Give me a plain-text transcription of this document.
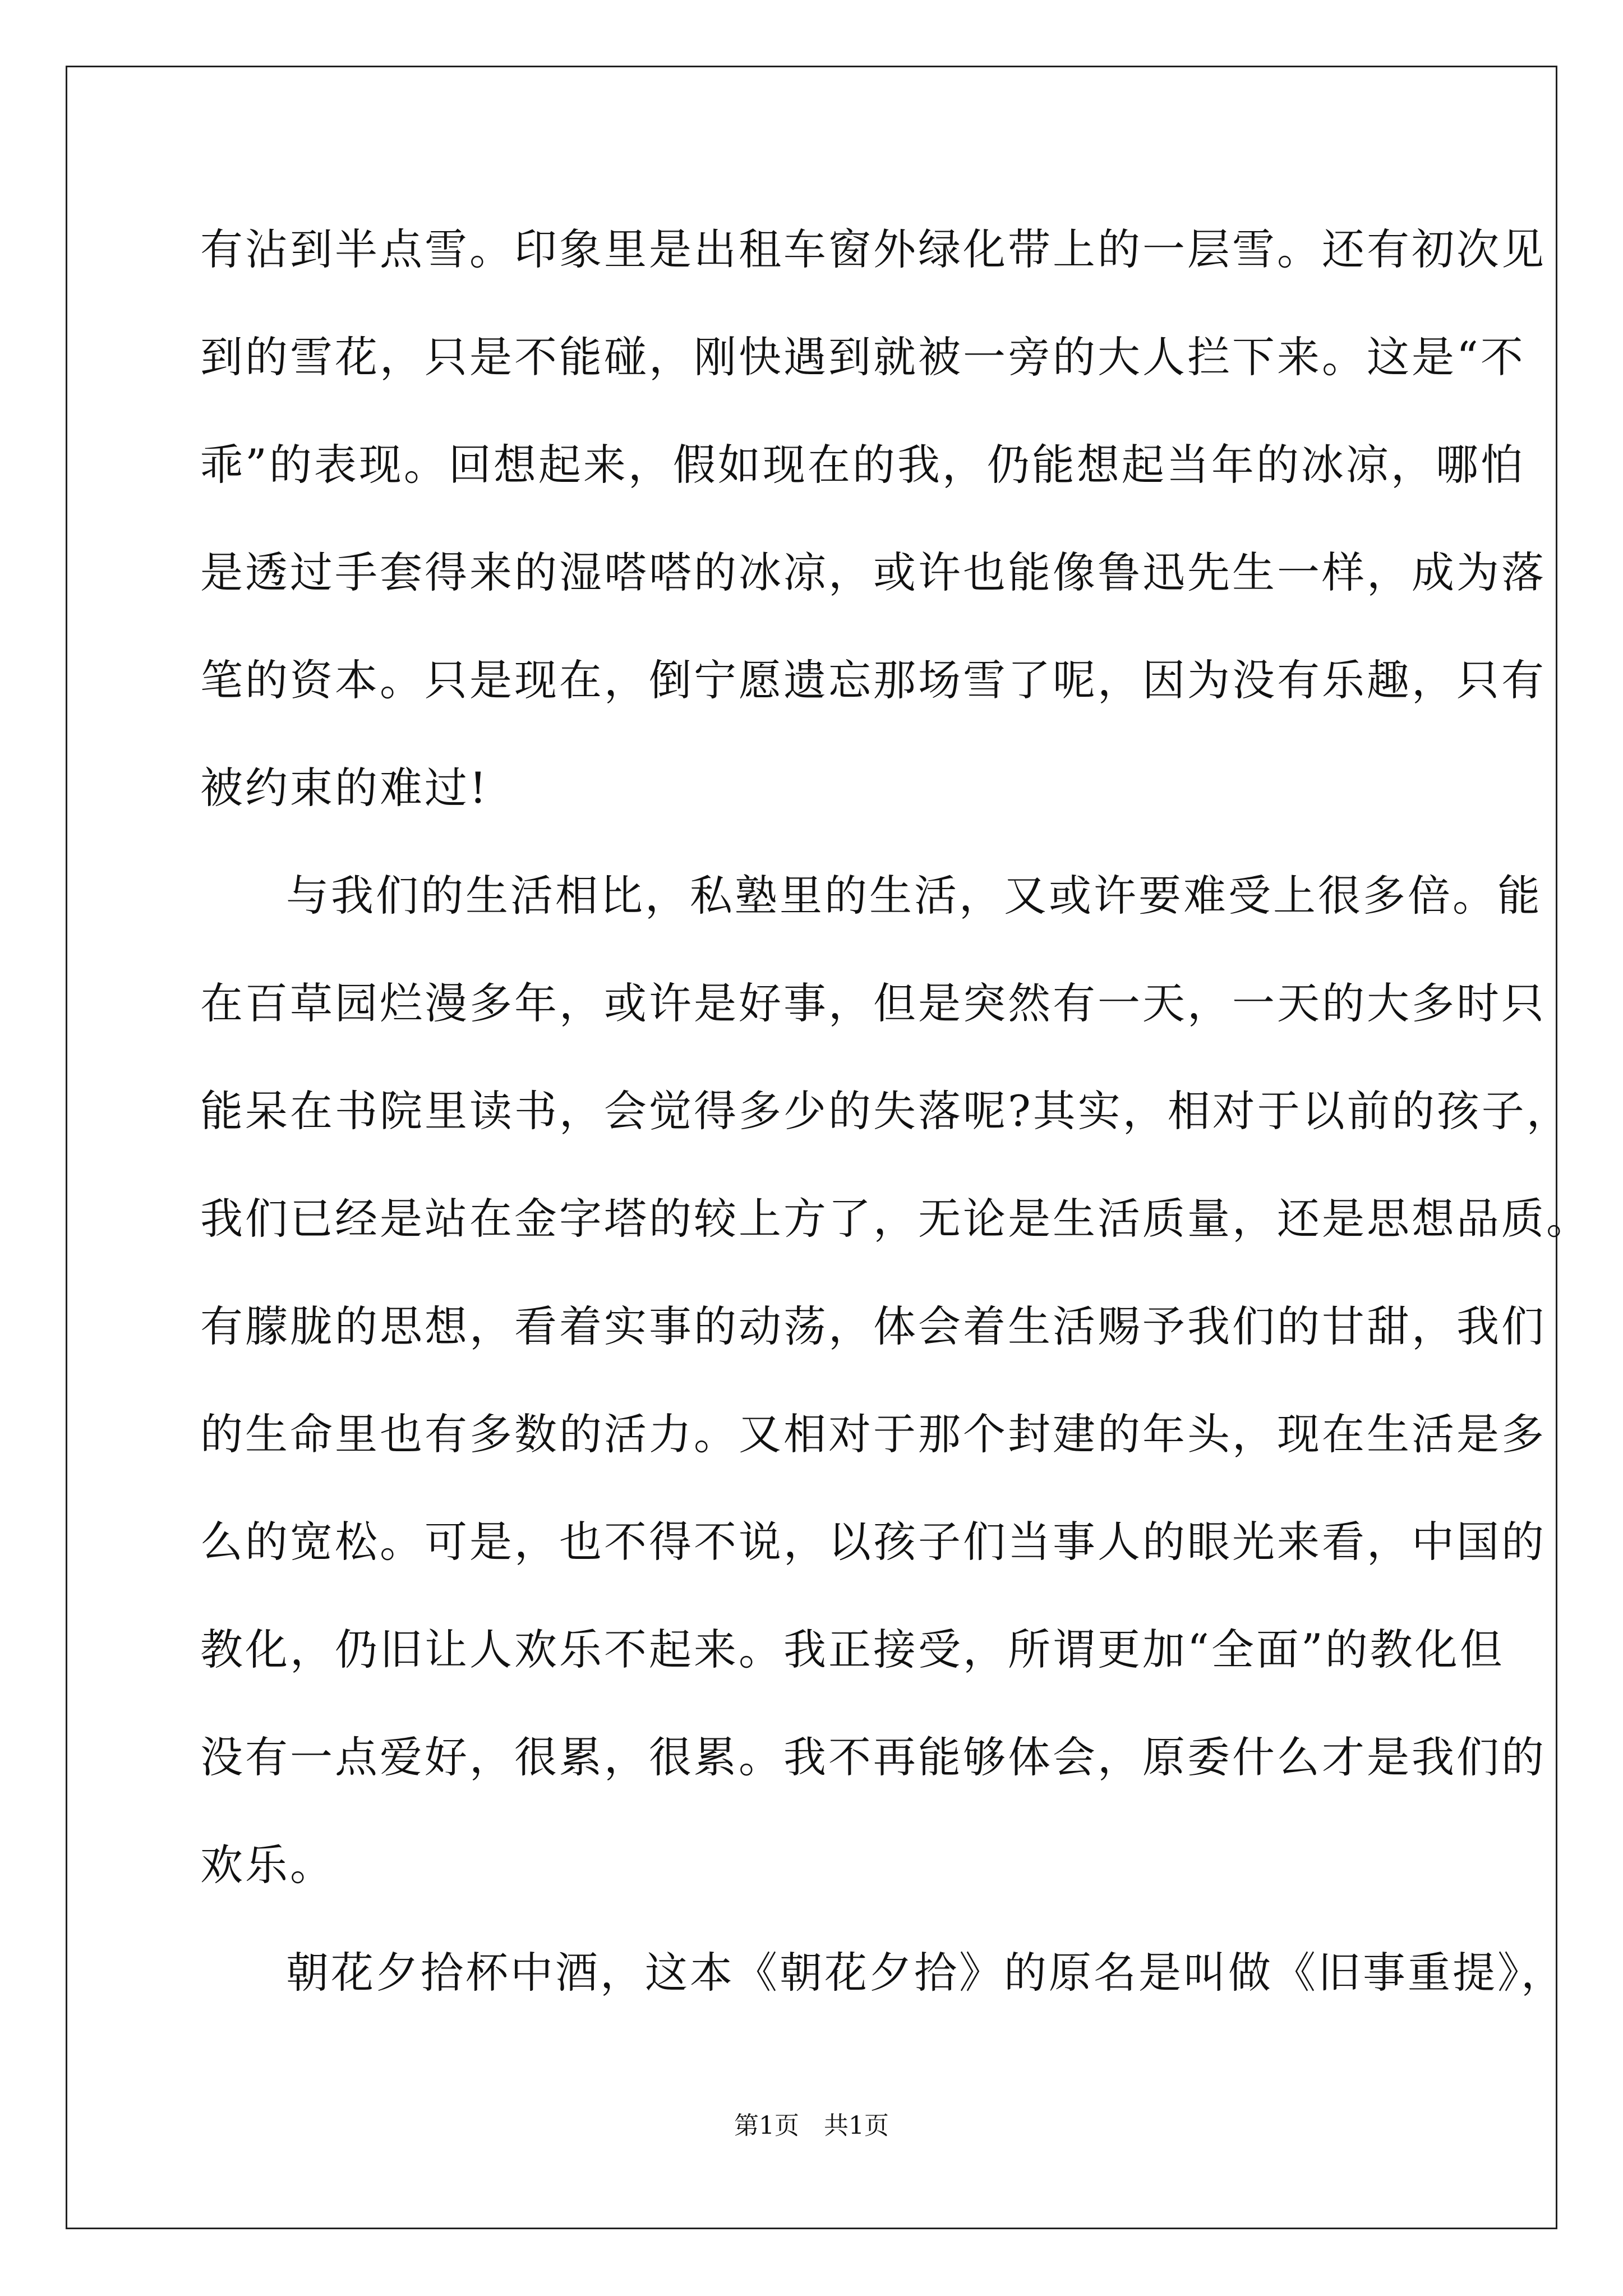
有沾到半点雪。印象里是出租车窗外绿化带上的一层雪。还有初次见
到的雪花，只是不能碰，刚快遇到就被一旁的大人拦下来。这是“不
乖”的表现。回想起来，假如现在的我，仍能想起当年的冰凉，哪怕
是透过手套得来的湿嗒嗒的冰凉，或许也能像鲁迅先生一样，成为落
笔的资本。只是现在，倒宁愿遗忘那场雪了呢，因为没有乐趣，只有
被约束的难过!
与我们的生活相比，私塾里的生活，又或许要难受上很多倍。能
在百草园烂漫多年，或许是好事，但是突然有一天，一天的大多时只
能呆在书院里读书，会觉得多少的失落呢?其实，相对于以前的孩子，
我们已经是站在金字塔的较上方了，无论是生活质量，还是思想品质。
有朦胧的思想，看着实事的动荡，体会着生活赐予我们的甘甜，我们
的生命里也有多数的活力。又相对于那个封建的年头，现在生活是多
么的宽松。可是，也不得不说，以孩子们当事人的眼光来看，中国的
教化，仍旧让人欢乐不起来。我正接受，所谓更加“全面”的教化但
没有一点爱好，很累，很累。我不再能够体会，原委什么才是我们的
欢乐。
朝花夕拾杯中酒，这本《朝花夕拾》的原名是叫做《旧事重提》，
第1页　共1页
